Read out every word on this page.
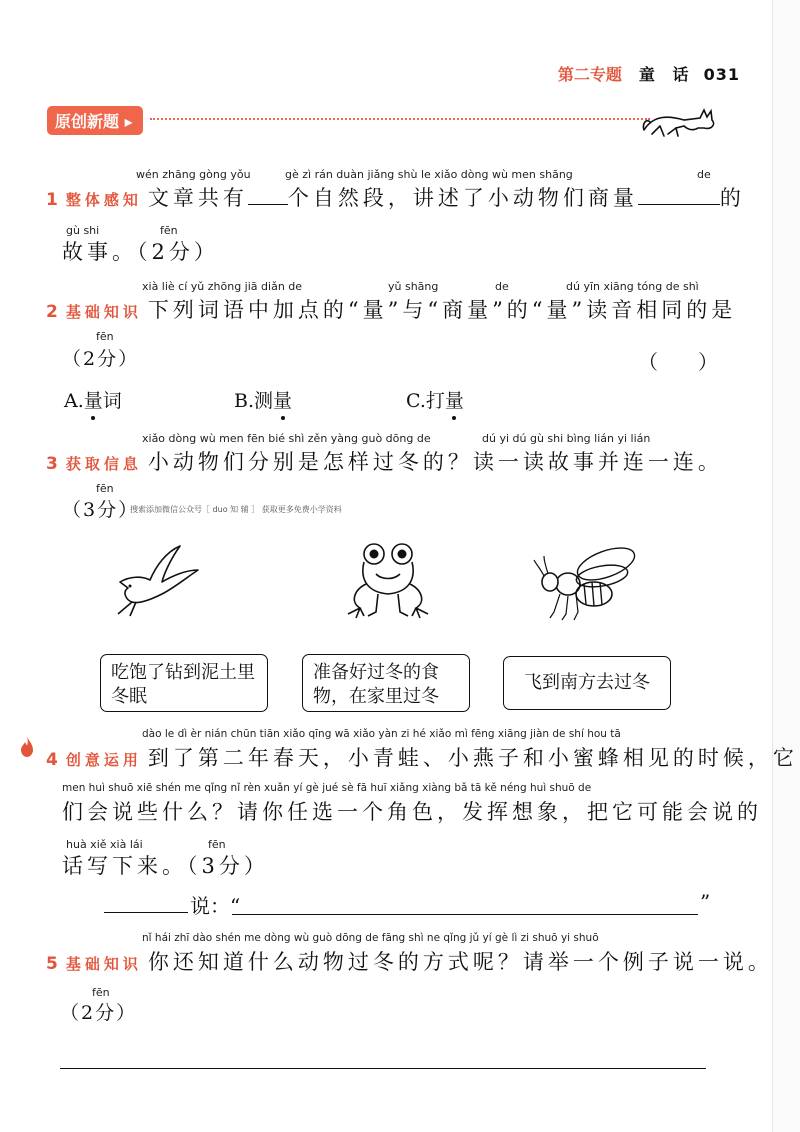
第二专题 童 话 031
原创新题 ▸
wén zhāng gòng yǒu	gè zì rán duàn jiǎng shù le xiǎo dòng wù men shāng	de
1 整体感知 文章共有 个自然段，讲述了小动物们商量	的
gù shi	fēn
故事。（2分）
xià liè cí yǔ zhōng jiā diǎn de	yǔ shāng	de	dú yīn xiāng tóng de shì
2 基础知识 下列词语中加点的“量”与“商量”的“量”读音相同的是
fēn
（2分）	（　　）
A.量词	B.测量	C.打量
xiǎo dòng wù men fēn bié shì zěn yàng guò dōng de	dú yi dú gù shi bìng lián yi lián
3 获取信息 小动物们分别是怎样过冬的？读一读故事并连一连。
fēn
（3分）
搜索添加微信公众号［ duo 知 辅 ］ 获取更多免费小学资料
吃饱了钻到泥土里冬眠
准备好过冬的食物，在家里过冬
飞到南方去过冬
dào le dì èr nián chūn tiān xiǎo qīng wā xiǎo yàn zi hé xiǎo mì fēng xiāng jiàn de shí hou tā
4 创意运用 到了第二年春天，小青蛙、小燕子和小蜜蜂相见的时候，它
men huì shuō xiē shén me qǐng nǐ rèn xuǎn yí gè jué sè fā huī xiǎng xiàng bǎ tā kě néng huì shuō de
们会说些什么？请你任选一个角色，发挥想象，把它可能会说的
huà xiě xià lái	fēn
话写下来。（3分）
说：“	”
nǐ hái zhī dào shén me dòng wù guò dōng de fāng shì ne qǐng jǔ yí gè lì zi shuō yi shuō
5 基础知识 你还知道什么动物过冬的方式呢？请举一个例子说一说。
fēn
（2分）
